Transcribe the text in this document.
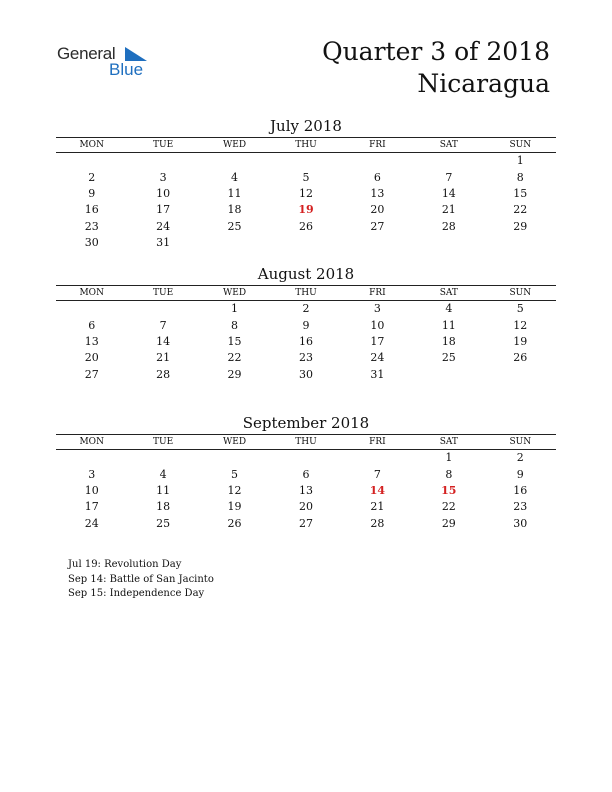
General
Blue
Quarter 3 of 2018
Nicaragua
July 2018
MON	TUE	WED	THU	FRI	SAT	SUN
						1
2	3	4	5	6	7	8
9	10	11	12	13	14	15
16	17	18	19	20	21	22
23	24	25	26	27	28	29
30	31					
August 2018
MON	TUE	WED	THU	FRI	SAT	SUN
		1	2	3	4	5
6	7	8	9	10	11	12
13	14	15	16	17	18	19
20	21	22	23	24	25	26
27	28	29	30	31		
September 2018
MON	TUE	WED	THU	FRI	SAT	SUN
					1	2
3	4	5	6	7	8	9
10	11	12	13	14	15	16
17	18	19	20	21	22	23
24	25	26	27	28	29	30
Jul 19: Revolution Day
Sep 14: Battle of San Jacinto
Sep 15: Independence Day
